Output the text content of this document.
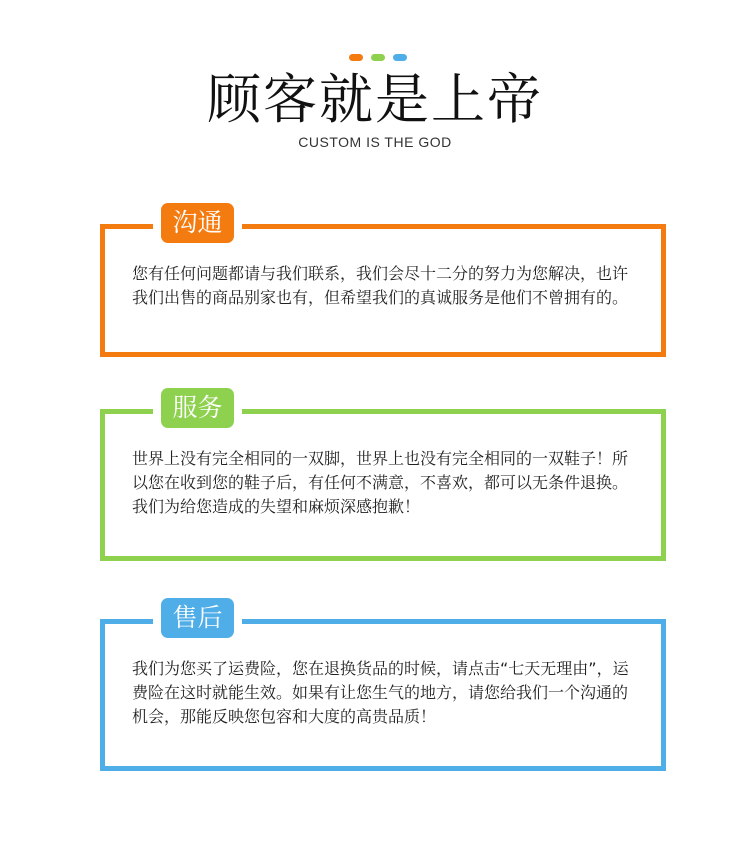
顾客就是上帝
CUSTOM IS THE GOD
沟通
您有任何问题都请与我们联系，我们会尽十二分的努力为您解决，也许我们出售的商品别家也有，但希望我们的真诚服务是他们不曾拥有的。
服务
世界上没有完全相同的一双脚，世界上也没有完全相同的一双鞋子！所以您在收到您的鞋子后，有任何不满意，不喜欢，都可以无条件退换。我们为给您造成的失望和麻烦深感抱歉！
售后
我们为您买了运费险，您在退换货品的时候，请点击“七天无理由”，运费险在这时就能生效。如果有让您生气的地方，请您给我们一个沟通的机会，那能反映您包容和大度的高贵品质！
